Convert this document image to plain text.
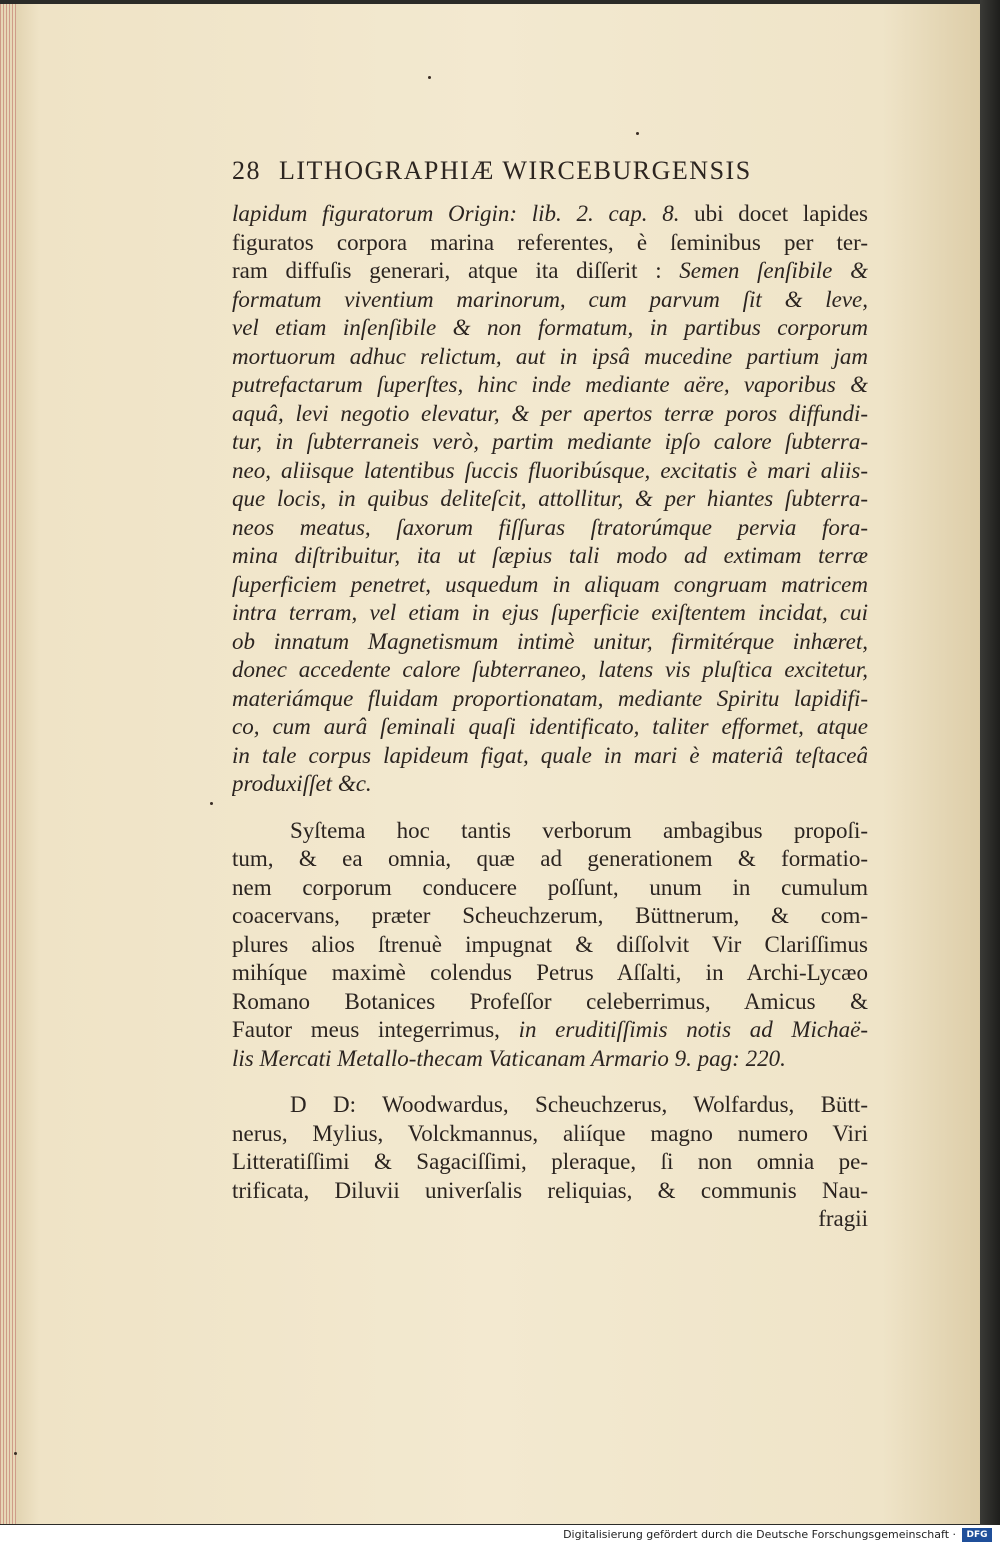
28 LITHOGRAPHIÆ WIRCEBURGENSIS
lapidum figuratorum Origin: lib. 2. cap. 8. ubi docet lapides
figuratos corpora marina referentes, è ſeminibus per ter-
ram diffuſis generari, atque ita diſſerit : Semen ſenſibile &
formatum viventium marinorum, cum parvum ſit & leve,
vel etiam inſenſibile & non formatum, in partibus corporum
mortuorum adhuc relictum, aut in ipsâ mucedine partium jam
putrefactarum ſuperſtes, hinc inde mediante aëre, vaporibus &
aquâ, levi negotio elevatur, & per apertos terræ poros diffundi-
tur, in ſubterraneis verò, partim mediante ipſo calore ſubterra-
neo, aliisque latentibus ſuccis fluoribúsque, excitatis è mari aliis-
que locis, in quibus deliteſcit, attollitur, & per hiantes ſubterra-
neos meatus, ſaxorum fiſſuras ſtratorúmque pervia fora-
mina diſtribuitur, ita ut ſæpius tali modo ad extimam terræ
ſuperficiem penetret, usquedum in aliquam congruam matricem
intra terram, vel etiam in ejus ſuperficie exiſtentem incidat, cui
ob innatum Magnetismum intimè unitur, firmitérque inhæret,
donec accedente calore ſubterraneo, latens vis pluſtica excitetur,
materiámque fluidam proportionatam, mediante Spiritu lapidifi-
co, cum aurâ ſeminali quaſi identificato, taliter efformet, atque
in tale corpus lapideum figat, quale in mari è materiâ teſtaceâ
produxiſſet &c.
Syſtema hoc tantis verborum ambagibus propoſi-
tum, & ea omnia, quæ ad generationem & formatio-
nem corporum conducere poſſunt, unum in cumulum
coacervans, præter Scheuchzerum, Büttnerum, & com-
plures alios ſtrenuè impugnat & diſſolvit Vir Clariſſimus
mihíque maximè colendus Petrus Aſſalti, in Archi-Lycæo
Romano Botanices Profeſſor celeberrimus, Amicus &
Fautor meus integerrimus, in eruditiſſimis notis ad Michaë-
lis Mercati Metallo-thecam Vaticanam Armario 9. pag: 220.
D D: Woodwardus, Scheuchzerus, Wolfardus, Bütt-
nerus, Mylius, Volckmannus, aliíque magno numero Viri
Litteratiſſimi & Sagaciſſimi, pleraque, ſi non omnia pe-
trificata, Diluvii univerſalis reliquias, & communis Nau-
fragii
Digitalisierung gefördert durch die Deutsche Forschungsgemeinschaft ·	DFG
